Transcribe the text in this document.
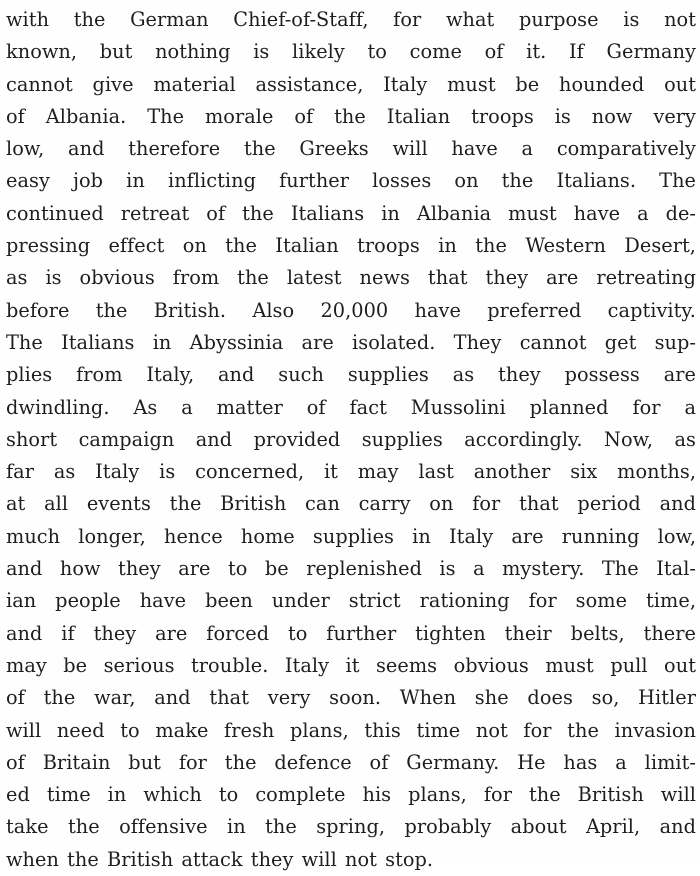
with the German Chief-of-Staff, for what purpose is not
known, but nothing is likely to come of it. If Germany
cannot give material assistance, Italy must be hounded out
of Albania. The morale of the Italian troops is now very
low, and therefore the Greeks will have a comparatively
easy job in inflicting further losses on the Italians. The
continued retreat of the Italians in Albania must have a de-
pressing effect on the Italian troops in the Western Desert,
as is obvious from the latest news that they are retreating
before the British. Also 20,000 have preferred captivity.
The Italians in Abyssinia are isolated. They cannot get sup-
plies from Italy, and such supplies as they possess are
dwindling. As a matter of fact Mussolini planned for a
short campaign and provided supplies accordingly. Now, as
far as Italy is concerned, it may last another six months,
at all events the British can carry on for that period and
much longer, hence home supplies in Italy are running low,
and how they are to be replenished is a mystery. The Ital-
ian people have been under strict rationing for some time,
and if they are forced to further tighten their belts, there
may be serious trouble. Italy it seems obvious must pull out
of the war, and that very soon. When she does so, Hitler
will need to make fresh plans, this time not for the invasion
of Britain but for the defence of Germany. He has a limit-
ed time in which to complete his plans, for the British will
take the offensive in the spring, probably about April, and
when the British attack they will not stop.
